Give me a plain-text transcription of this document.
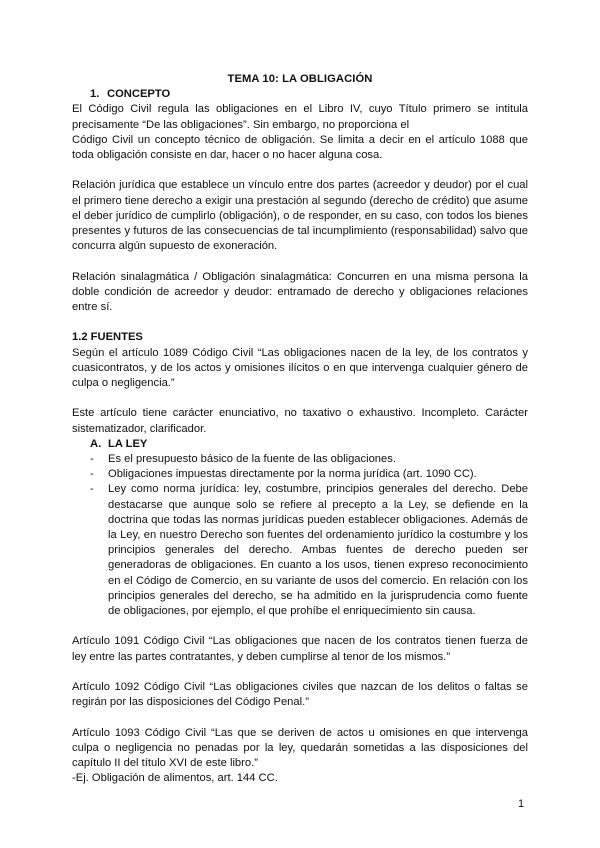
TEMA 10: LA OBLIGACIÓN

1. CONCEPTO

El Código Civil regula las obligaciones en el Libro IV, cuyo Título primero se intitula precisamente “De las obligaciones”. Sin embargo, no proporciona el

Código Civil un concepto técnico de obligación. Se limita a decir en el artículo 1088 que toda obligación consiste en dar, hacer o no hacer alguna cosa.

Relación jurídica que establece un vínculo entre dos partes (acreedor y deudor) por el cual el primero tiene derecho a exigir una prestación al segundo (derecho de crédito) que asume el deber jurídico de cumplirlo (obligación), o de responder, en su caso, con todos los bienes presentes y futuros de las consecuencias de tal incumplimiento (responsabilidad) salvo que concurra algún supuesto de exoneración.

Relación sinalagmática / Obligación sinalagmática: Concurren en una misma persona la doble condición de acreedor y deudor: entramado de derecho y obligaciones relaciones entre sí.

1.2 FUENTES

Según el artículo 1089 Código Civil “Las obligaciones nacen de la ley, de los contratos y cuasicontratos, y de los actos y omisiones ilícitos o en que intervenga cualquier género de culpa o negligencia.”

Este artículo tiene carácter enunciativo, no taxativo o exhaustivo. Incompleto. Carácter sistematizador, clarificador.

A. LA LEY

- Es el presupuesto básico de la fuente de las obligaciones.
- Obligaciones impuestas directamente por la norma jurídica (art. 1090 CC).
- Ley como norma jurídica: ley, costumbre, principios generales del derecho. Debe destacarse que aunque solo se refiere al precepto a la Ley, se defiende en la doctrina que todas las normas jurídicas pueden establecer obligaciones. Además de la Ley, en nuestro Derecho son fuentes del ordenamiento jurídico la costumbre y los principios generales del derecho. Ambas fuentes de derecho pueden ser generadoras de obligaciones. En cuanto a los usos, tienen expreso reconocimiento en el Código de Comercio, en su variante de usos del comercio. En relación con los principios generales del derecho, se ha admitido en la jurisprudencia como fuente de obligaciones, por ejemplo, el que prohíbe el enriquecimiento sin causa.

Artículo 1091 Código Civil “Las obligaciones que nacen de los contratos tienen fuerza de ley entre las partes contratantes, y deben cumplirse al tenor de los mismos.”

Artículo 1092 Código Civil “Las obligaciones civiles que nazcan de los delitos o faltas se regirán por las disposiciones del Código Penal.”

Artículo 1093 Código Civil “Las que se deriven de actos u omisiones en que intervenga culpa o negligencia no penadas por la ley, quedarán sometidas a las disposiciones del capítulo II del título XVI de este libro.”

-Ej. Obligación de alimentos, art. 144 CC.

1
